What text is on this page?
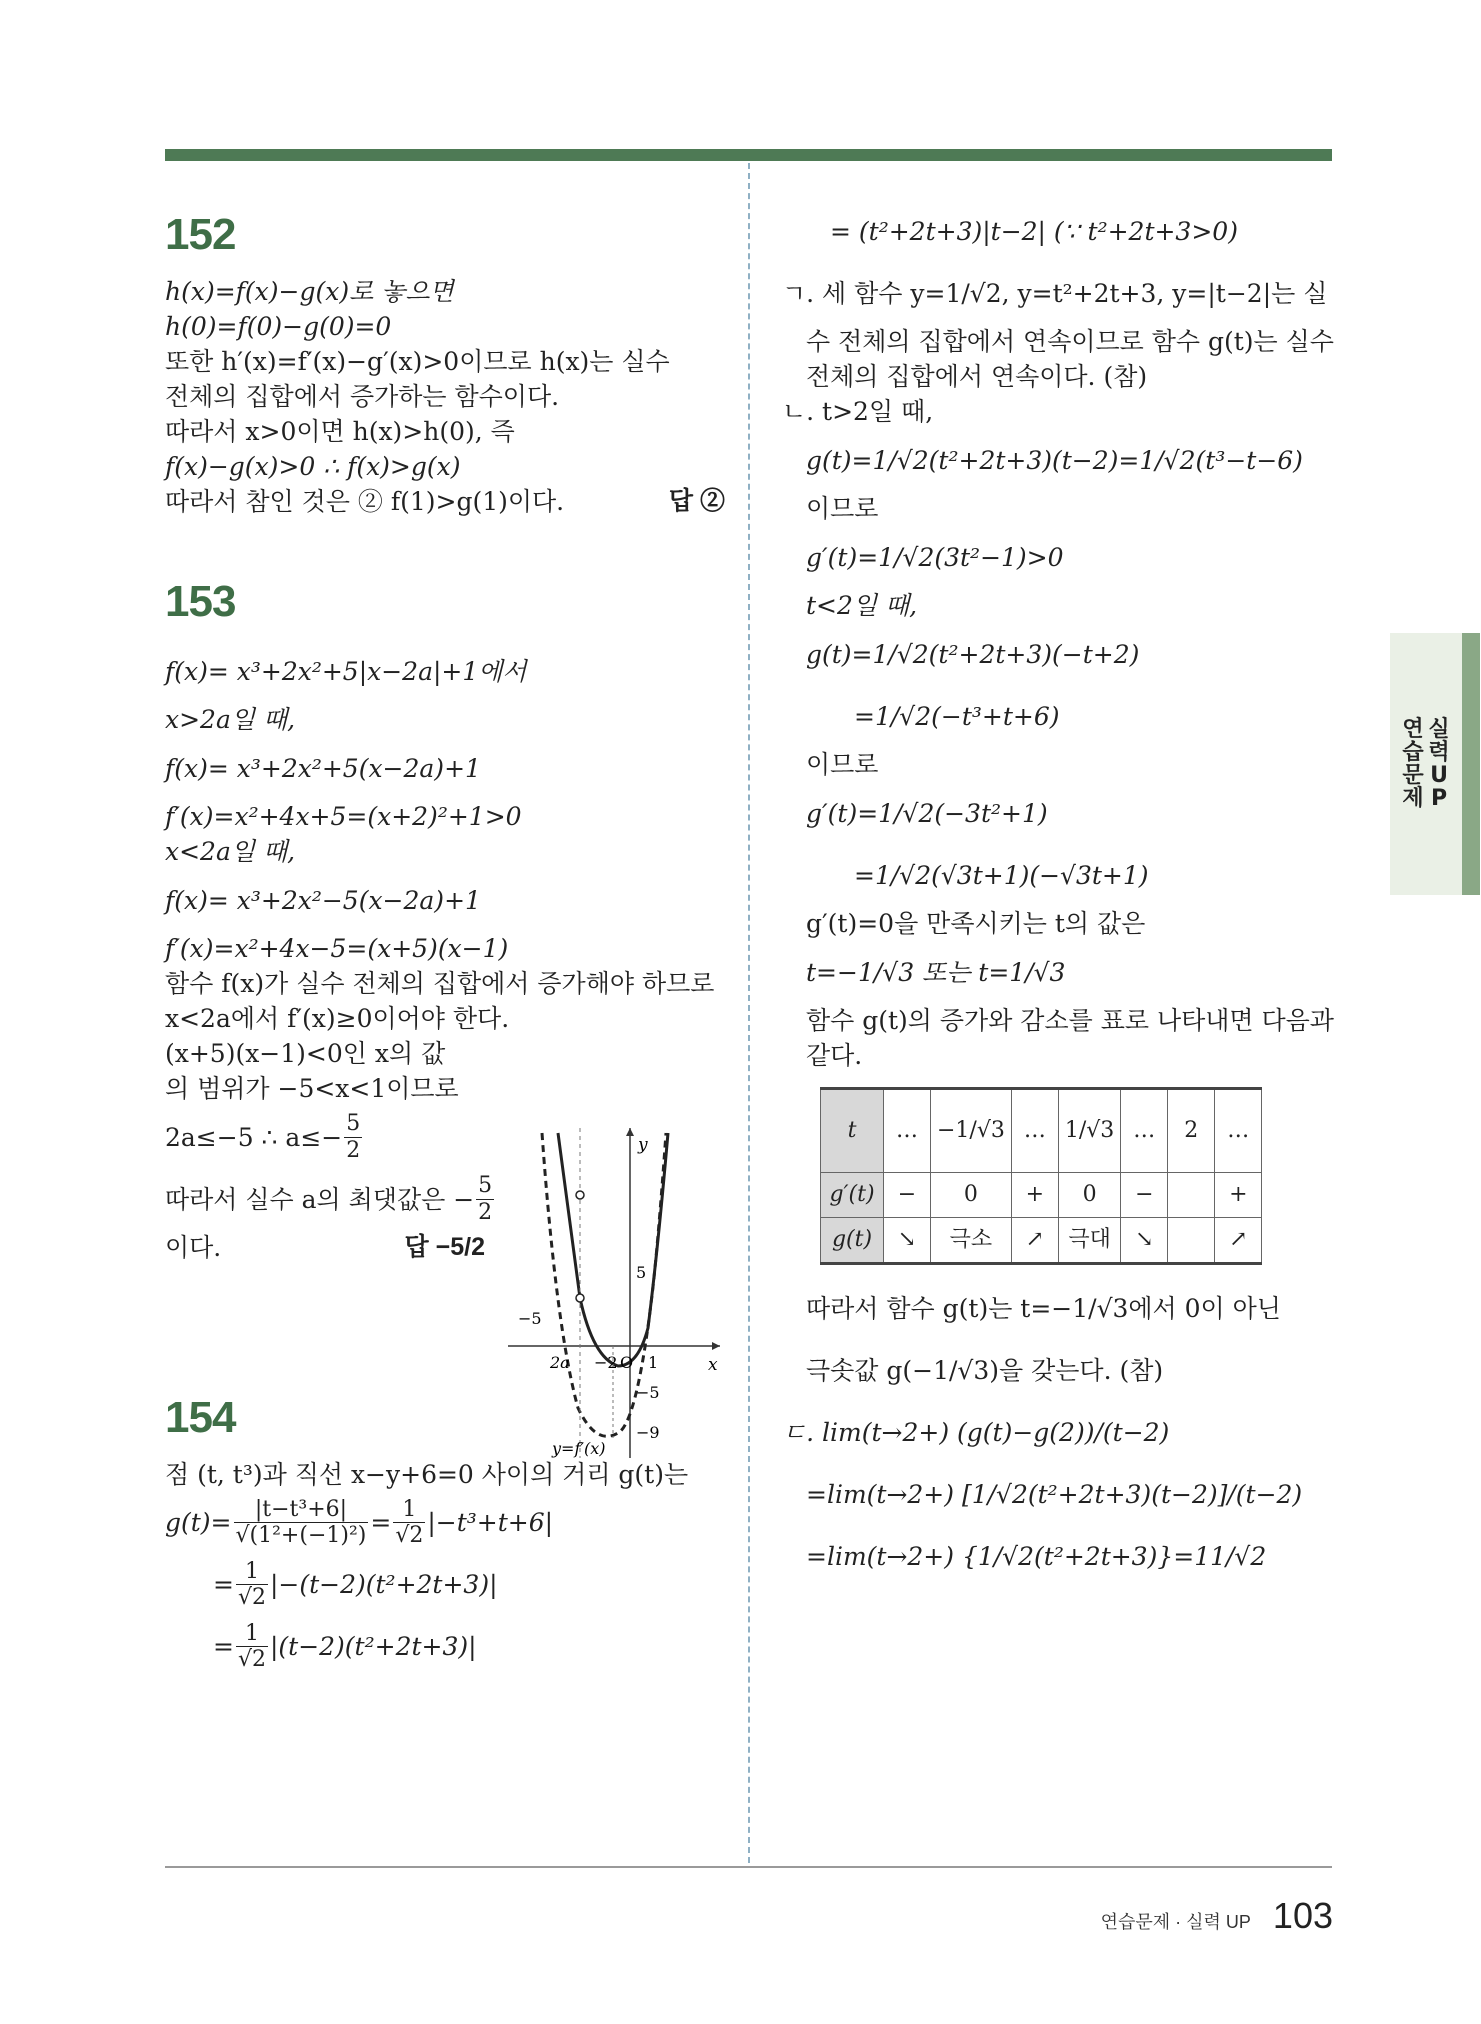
152
h(x)=f(x)−g(x)로 놓으면
h(0)=f(0)−g(0)=0
또한 h′(x)=f′(x)−g′(x)>0이므로 h(x)는 실수
전체의 집합에서 증가하는 함수이다.
따라서 x>0이면 h(x)>h(0), 즉
f(x)−g(x)>0 ∴ f(x)>g(x)
따라서 참인 것은 ② f(1)>g(1)이다.	답 ②
153
f(x)= x³+2x²+5|x−2a|+1에서
x>2a일 때,
f(x)= x³+2x²+5(x−2a)+1
f′(x)=x²+4x+5=(x+2)²+1>0
x<2a일 때,
f(x)= x³+2x²−5(x−2a)+1
f′(x)=x²+4x−5=(x+5)(x−1)
함수 f(x)가 실수 전체의 집합에서 증가해야 하므로
x<2a에서 f′(x)≥0이어야 한다.
(x+5)(x−1)<0인 x의 값
의 범위가 −5<x<1이므로
2a≤−5 ∴ $a\le- \frac{5}{2}$
따라서 실수 a의 최댓값은 − $\frac{5}{2}$
이다.	답 −5/2
154
점 (t, t³)과 직선 x−y+6=0 사이의 거리 g(t)는
$g(t)= \frac{\text{|t−t³+6|}}{\text{√(1²+(−1)²)}} = \frac{1}{√2} |-t^3+t+6|$
= $\frac{1}{√2} |-(t-2)(t^2+2t+3)|$
= $\frac{1}{√2} |(t-2)(t^2+2t+3)|$
y
x
O
−5
5
−5
−9
2a −2 1
y=f′(x)
= (t²+2t+3)|t−2| (∵ t²+2t+3>0)
ㄱ. 세 함수 y=1/√2, y=t²+2t+3, y=|t−2|는 실
수 전체의 집합에서 연속이므로 함수 g(t)는 실수
전체의 집합에서 연속이다. (참)
ㄴ. t>2일 때,
g(t)=1/√2(t²+2t+3)(t−2)=1/√2(t³−t−6)
이므로
g′(t)=1/√2(3t²−1)>0
t<2일 때,
g(t)=1/√2(t²+2t+3)(−t+2)
=1/√2(−t³+t+6)
이므로
g′(t)=1/√2(−3t²+1)
=1/√2(√3t+1)(−√3t+1)
g′(t)=0을 만족시키는 t의 값은
t=−1/√3 또는 t=1/√3
함수 g(t)의 증가와 감소를 표로 나타내면 다음과
같다.
t	…	−1/√3	…	1/√3	…	2	…
g′(t)	−	0	+	0	−		+
g(t)	↘	극소	↗	극대	↘		↗
따라서 함수 g(t)는 t=−1/√3에서 0이 아닌
극솟값 g(−1/√3)을 갖는다. (참)
ㄷ. lim(t→2+) (g(t)−g(2))/(t−2)
=lim(t→2+) [1/√2(t²+2t+3)(t−2)]/(t−2)
=lim(t→2+) {1/√2(t²+2t+3)}=11/√2
연 실
습 력
문 U
제 P
연습문제 · 실력 UP 103
